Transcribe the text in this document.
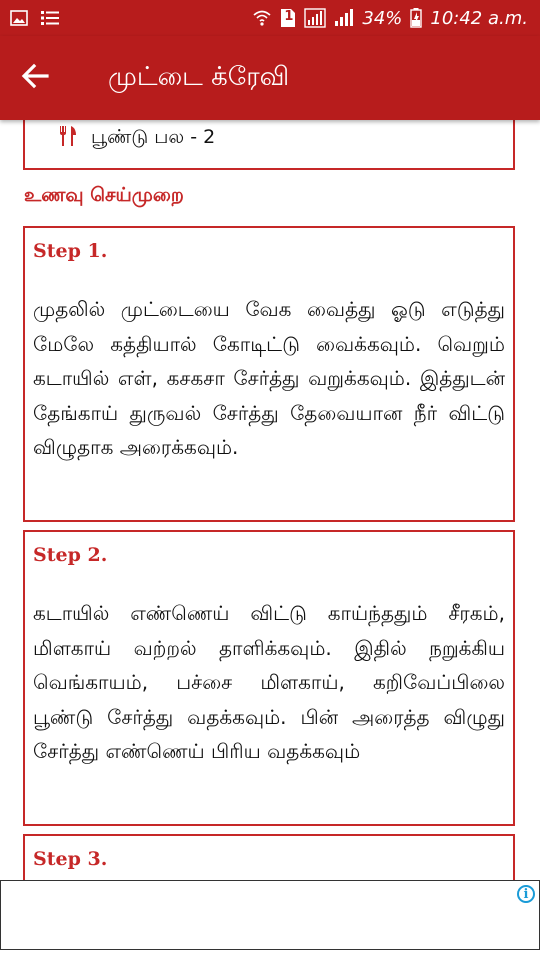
1	34% 10:42 a.m.
முட்டை க்ரேவி
பூண்டு பல - 2
உணவு செய்முறை
Step 1.
முதலில் முட்டையை வேக வைத்து ஓடு எடுத்து மேலே கத்தியால் கோடிட்டு வைக்கவும். வெறும் கடாயில் எள், கசகசா சேர்த்து வறுக்கவும். இத்துடன் தேங்காய் துருவல் சேர்த்து தேவையான நீர் விட்டு விழுதாக அரைக்கவும்.
Step 2.
கடாயில் எண்ணெய் விட்டு காய்ந்ததும் சீரகம், மிளகாய் வற்றல் தாளிக்கவும். இதில் நறுக்கிய வெங்காயம், பச்சை மிளகாய், கறிவேப்பிலை பூண்டு சேர்த்து வதக்கவும். பின் அரைத்த விழுது சேர்த்து எண்ணெய் பிரிய வதக்கவும்
Step 3.
i
